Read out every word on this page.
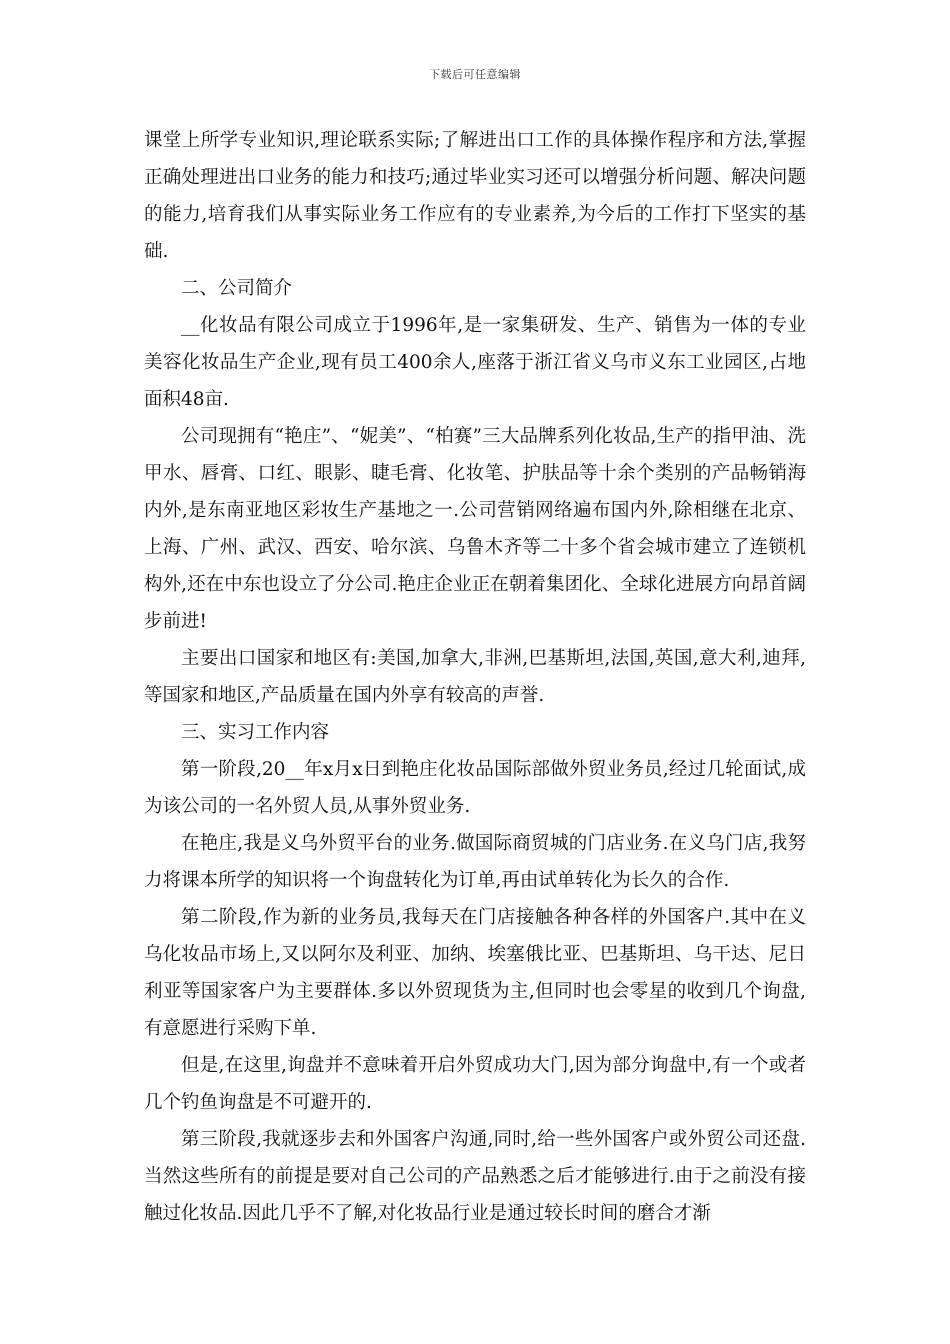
下载后可任意编辑

课堂上所学专业知识,理论联系实际;了解进出口工作的具体操作程序和方法,掌握正确处理进出口业务的能力和技巧;通过毕业实习还可以增强分析问题、解决问题的能力,培育我们从事实际业务工作应有的专业素养,为今后的工作打下坚实的基础.

二、公司简介

__化妆品有限公司成立于1996年,是一家集研发、生产、销售为一体的专业美容化妆品生产企业,现有员工400余人,座落于浙江省义乌市义东工业园区,占地面积48亩.

公司现拥有“艳庄”、“妮美”、“柏赛”三大品牌系列化妆品,生产的指甲油、洗甲水、唇膏、口红、眼影、睫毛膏、化妆笔、护肤品等十余个类别的产品畅销海内外,是东南亚地区彩妆生产基地之一.公司营销网络遍布国内外,除相继在北京、上海、广州、武汉、西安、哈尔滨、乌鲁木齐等二十多个省会城市建立了连锁机构外,还在中东也设立了分公司.艳庄企业正在朝着集团化、全球化进展方向昂首阔步前进!

主要出口国家和地区有:美国,加拿大,非洲,巴基斯坦,法国,英国,意大利,迪拜,等国家和地区,产品质量在国内外享有较高的声誉.

三、实习工作内容

第一阶段,20__年x月x日到艳庄化妆品国际部做外贸业务员,经过几轮面试,成为该公司的一名外贸人员,从事外贸业务.

在艳庄,我是义乌外贸平台的业务.做国际商贸城的门店业务.在义乌门店,我努力将课本所学的知识将一个询盘转化为订单,再由试单转化为长久的合作.

第二阶段,作为新的业务员,我每天在门店接触各种各样的外国客户.其中在义乌化妆品市场上,又以阿尔及利亚、加纳、埃塞俄比亚、巴基斯坦、乌干达、尼日利亚等国家客户为主要群体.多以外贸现货为主,但同时也会零星的收到几个询盘,有意愿进行采购下单.

但是,在这里,询盘并不意味着开启外贸成功大门,因为部分询盘中,有一个或者几个钓鱼询盘是不可避开的.

第三阶段,我就逐步去和外国客户沟通,同时,给一些外国客户或外贸公司还盘.当然这些所有的前提是要对自己公司的产品熟悉之后才能够进行.由于之前没有接触过化妆品.因此几乎不了解,对化妆品行业是通过较长时间的磨合才渐
